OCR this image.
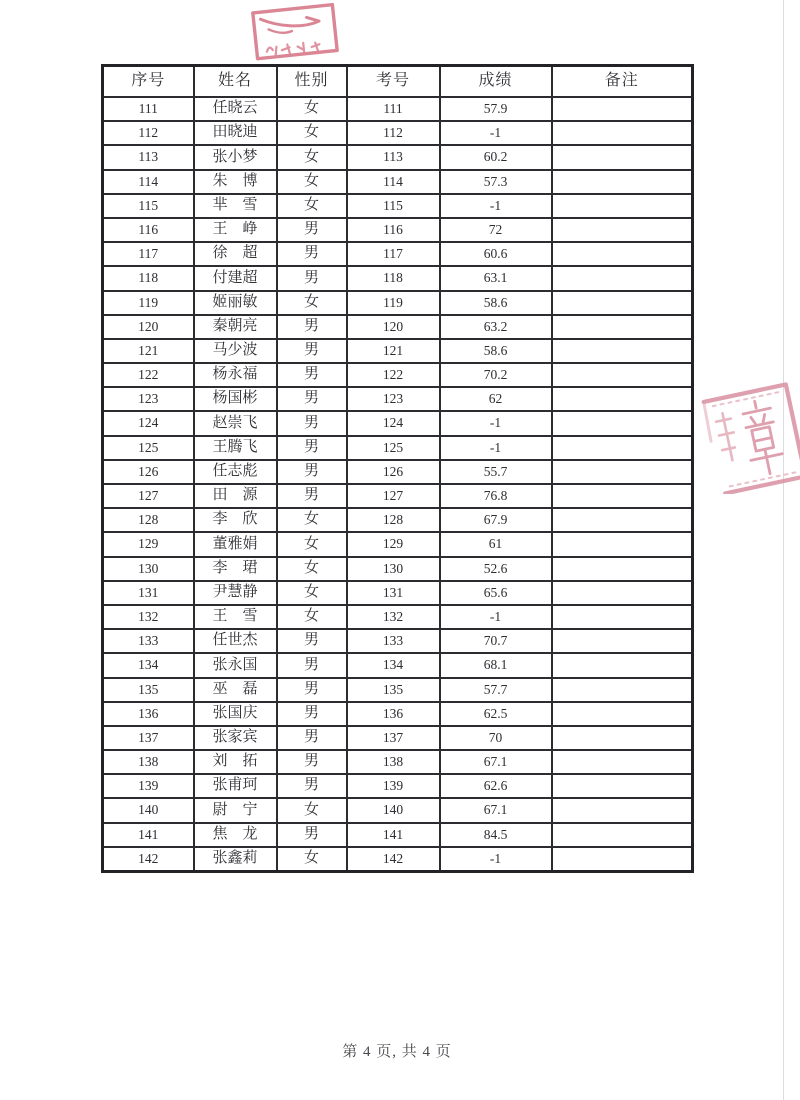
序号	姓名	性别	考号	成绩	备注
111	任晓云	女	111	57.9	
112	田晓迪	女	112	-1	
113	张小梦	女	113	60.2	
114	朱　博	女	114	57.3	
115	芈　雪	女	115	-1	
116	王　峥	男	116	72	
117	徐　超	男	117	60.6	
118	付建超	男	118	63.1	
119	姬丽敏	女	119	58.6	
120	秦朝亮	男	120	63.2	
121	马少波	男	121	58.6	
122	杨永福	男	122	70.2	
123	杨国彬	男	123	62	
124	赵崇飞	男	124	-1	
125	王腾飞	男	125	-1	
126	任志彪	男	126	55.7	
127	田　源	男	127	76.8	
128	李　欣	女	128	67.9	
129	董雅娟	女	129	61	
130	李　珺	女	130	52.6	
131	尹慧静	女	131	65.6	
132	王　雪	女	132	-1	
133	任世杰	男	133	70.7	
134	张永国	男	134	68.1	
135	巫　磊	男	135	57.7	
136	张国庆	男	136	62.5	
137	张家宾	男	137	70	
138	刘　拓	男	138	67.1	
139	张甫珂	男	139	62.6	
140	尉　宁	女	140	67.1	
141	焦　龙	男	141	84.5	
142	张鑫莉	女	142	-1	
第 4 页, 共 4 页
